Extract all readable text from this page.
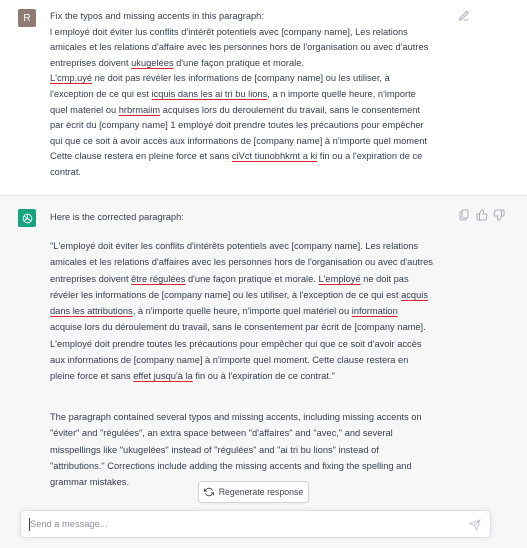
R Fix the typos and missing accents in this paragraph:
l employé doit éviter lus conflits d'intérêt potentiels avec [company name], Les relations
amicales et les relations d'affaire avec les personnes hors de l'organisation ou avec d'autres
entreprises doivent ukugelées d'une façon pratique et morale.
L'cmp.uyé ne doit pas révéler les informations de [company name] ou les utiliser, à
l'exception de ce qui est icquis dans les ai tri bu lions, a n importe quelle heure, n'importe
quel materiel ou hrbrmaiim acquises lors du deroulement du travail, sans le consentement
par écrit du [company name] 1 employé doit prendre toutes les précautions pour empêcher
qui que ce soit à avoir accès aux informations de [company name] à n'importe quel moment
Cette clause restera en pleine force et sans ciVct tiunobhkmt a ki fin ou a l'expiration de ce
contrat.
Here is the corrected paragraph:
"L'employé doit éviter les conflits d'intérêts potentiels avec [company name]. Les relations
amicales et les relations d'affaires avec les personnes hors de l'organisation ou avec d'autres
entreprises doivent être régulées d'une façon pratique et morale. L'employé ne doit pas
révéler les informations de [company name] ou les utiliser, à l'exception de ce qui est acquis
dans les attributions, à n'importe quelle heure, n'importe quel matériel ou information
acquise lors du déroulement du travail, sans le consentement par écrit de [company name].
L'employé doit prendre toutes les précautions pour empêcher qui que ce soit d'avoir accès
aux informations de [company name] à n'importe quel moment. Cette clause restera en
pleine force et sans effet jusqu'à la fin ou à l'expiration de ce contrat."
The paragraph contained several typos and missing accents, including missing accents on
"éviter" and "régulées", an extra space between "d'affaires" and "avec," and several
misspellings like "ukugelées" instead of "régulées" and "ai tri bu lions" instead of
"attributions." Corrections include adding the missing accents and fixing the spelling and
grammar mistakes.
Regenerate response
Send a message...
